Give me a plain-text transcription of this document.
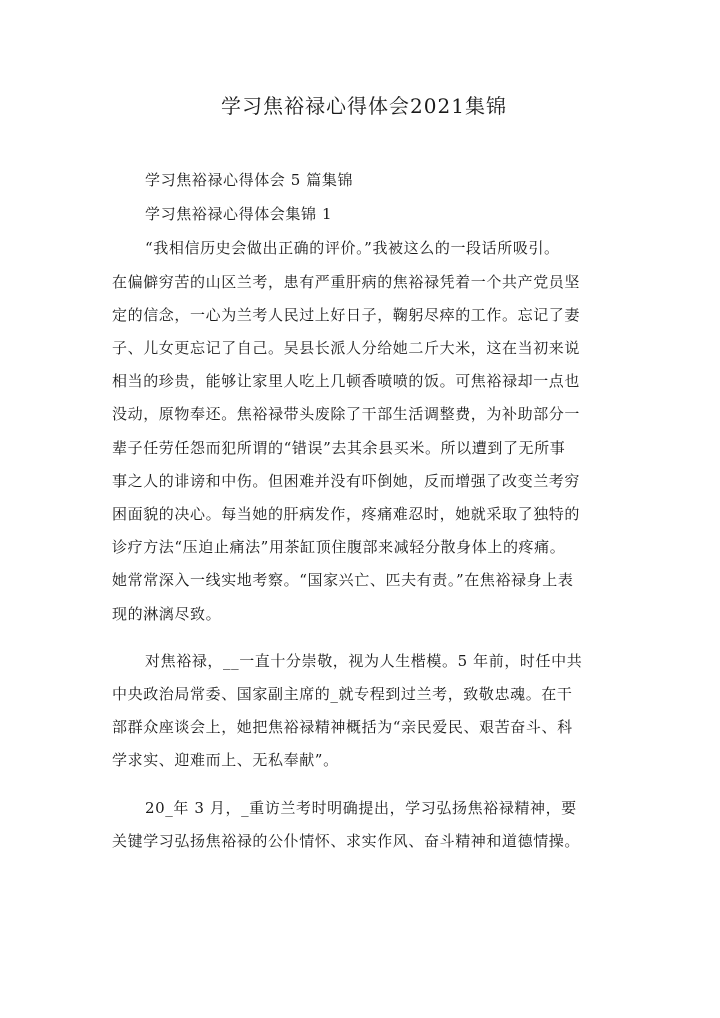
学习焦裕禄心得体会2021集锦
学习焦裕禄心得体会 5 篇集锦
学习焦裕禄心得体会集锦 1
“我相信历史会做出正确的评价。”我被这么的一段话所吸引。
在偏僻穷苦的山区兰考，患有严重肝病的焦裕禄凭着一个共产党员坚
定的信念，一心为兰考人民过上好日子，鞠躬尽瘁的工作。忘记了妻
子、儿女更忘记了自己。吴县长派人分给她二斤大米，这在当初来说
相当的珍贵，能够让家里人吃上几顿香喷喷的饭。可焦裕禄却一点也
没动，原物奉还。焦裕禄带头废除了干部生活调整费，为补助部分一
辈子任劳任怨而犯所谓的“错误”去其余县买米。所以遭到了无所事
事之人的诽谤和中伤。但困难并没有吓倒她，反而增强了改变兰考穷
困面貌的决心。每当她的肝病发作，疼痛难忍时，她就采取了独特的
诊疗方法“压迫止痛法”用茶缸顶住腹部来减轻分散身体上的疼痛。
她常常深入一线实地考察。“国家兴亡、匹夫有责。”在焦裕禄身上表
现的淋漓尽致。
对焦裕禄，__一直十分崇敬，视为人生楷模。5 年前，时任中共
中央政治局常委、国家副主席的_就专程到过兰考，致敬忠魂。在干
部群众座谈会上，她把焦裕禄精神概括为“亲民爱民、艰苦奋斗、科
学求实、迎难而上、无私奉献”。
20_年 3 月，_重访兰考时明确提出，学习弘扬焦裕禄精神，要
关键学习弘扬焦裕禄的公仆情怀、求实作风、奋斗精神和道德情操。
